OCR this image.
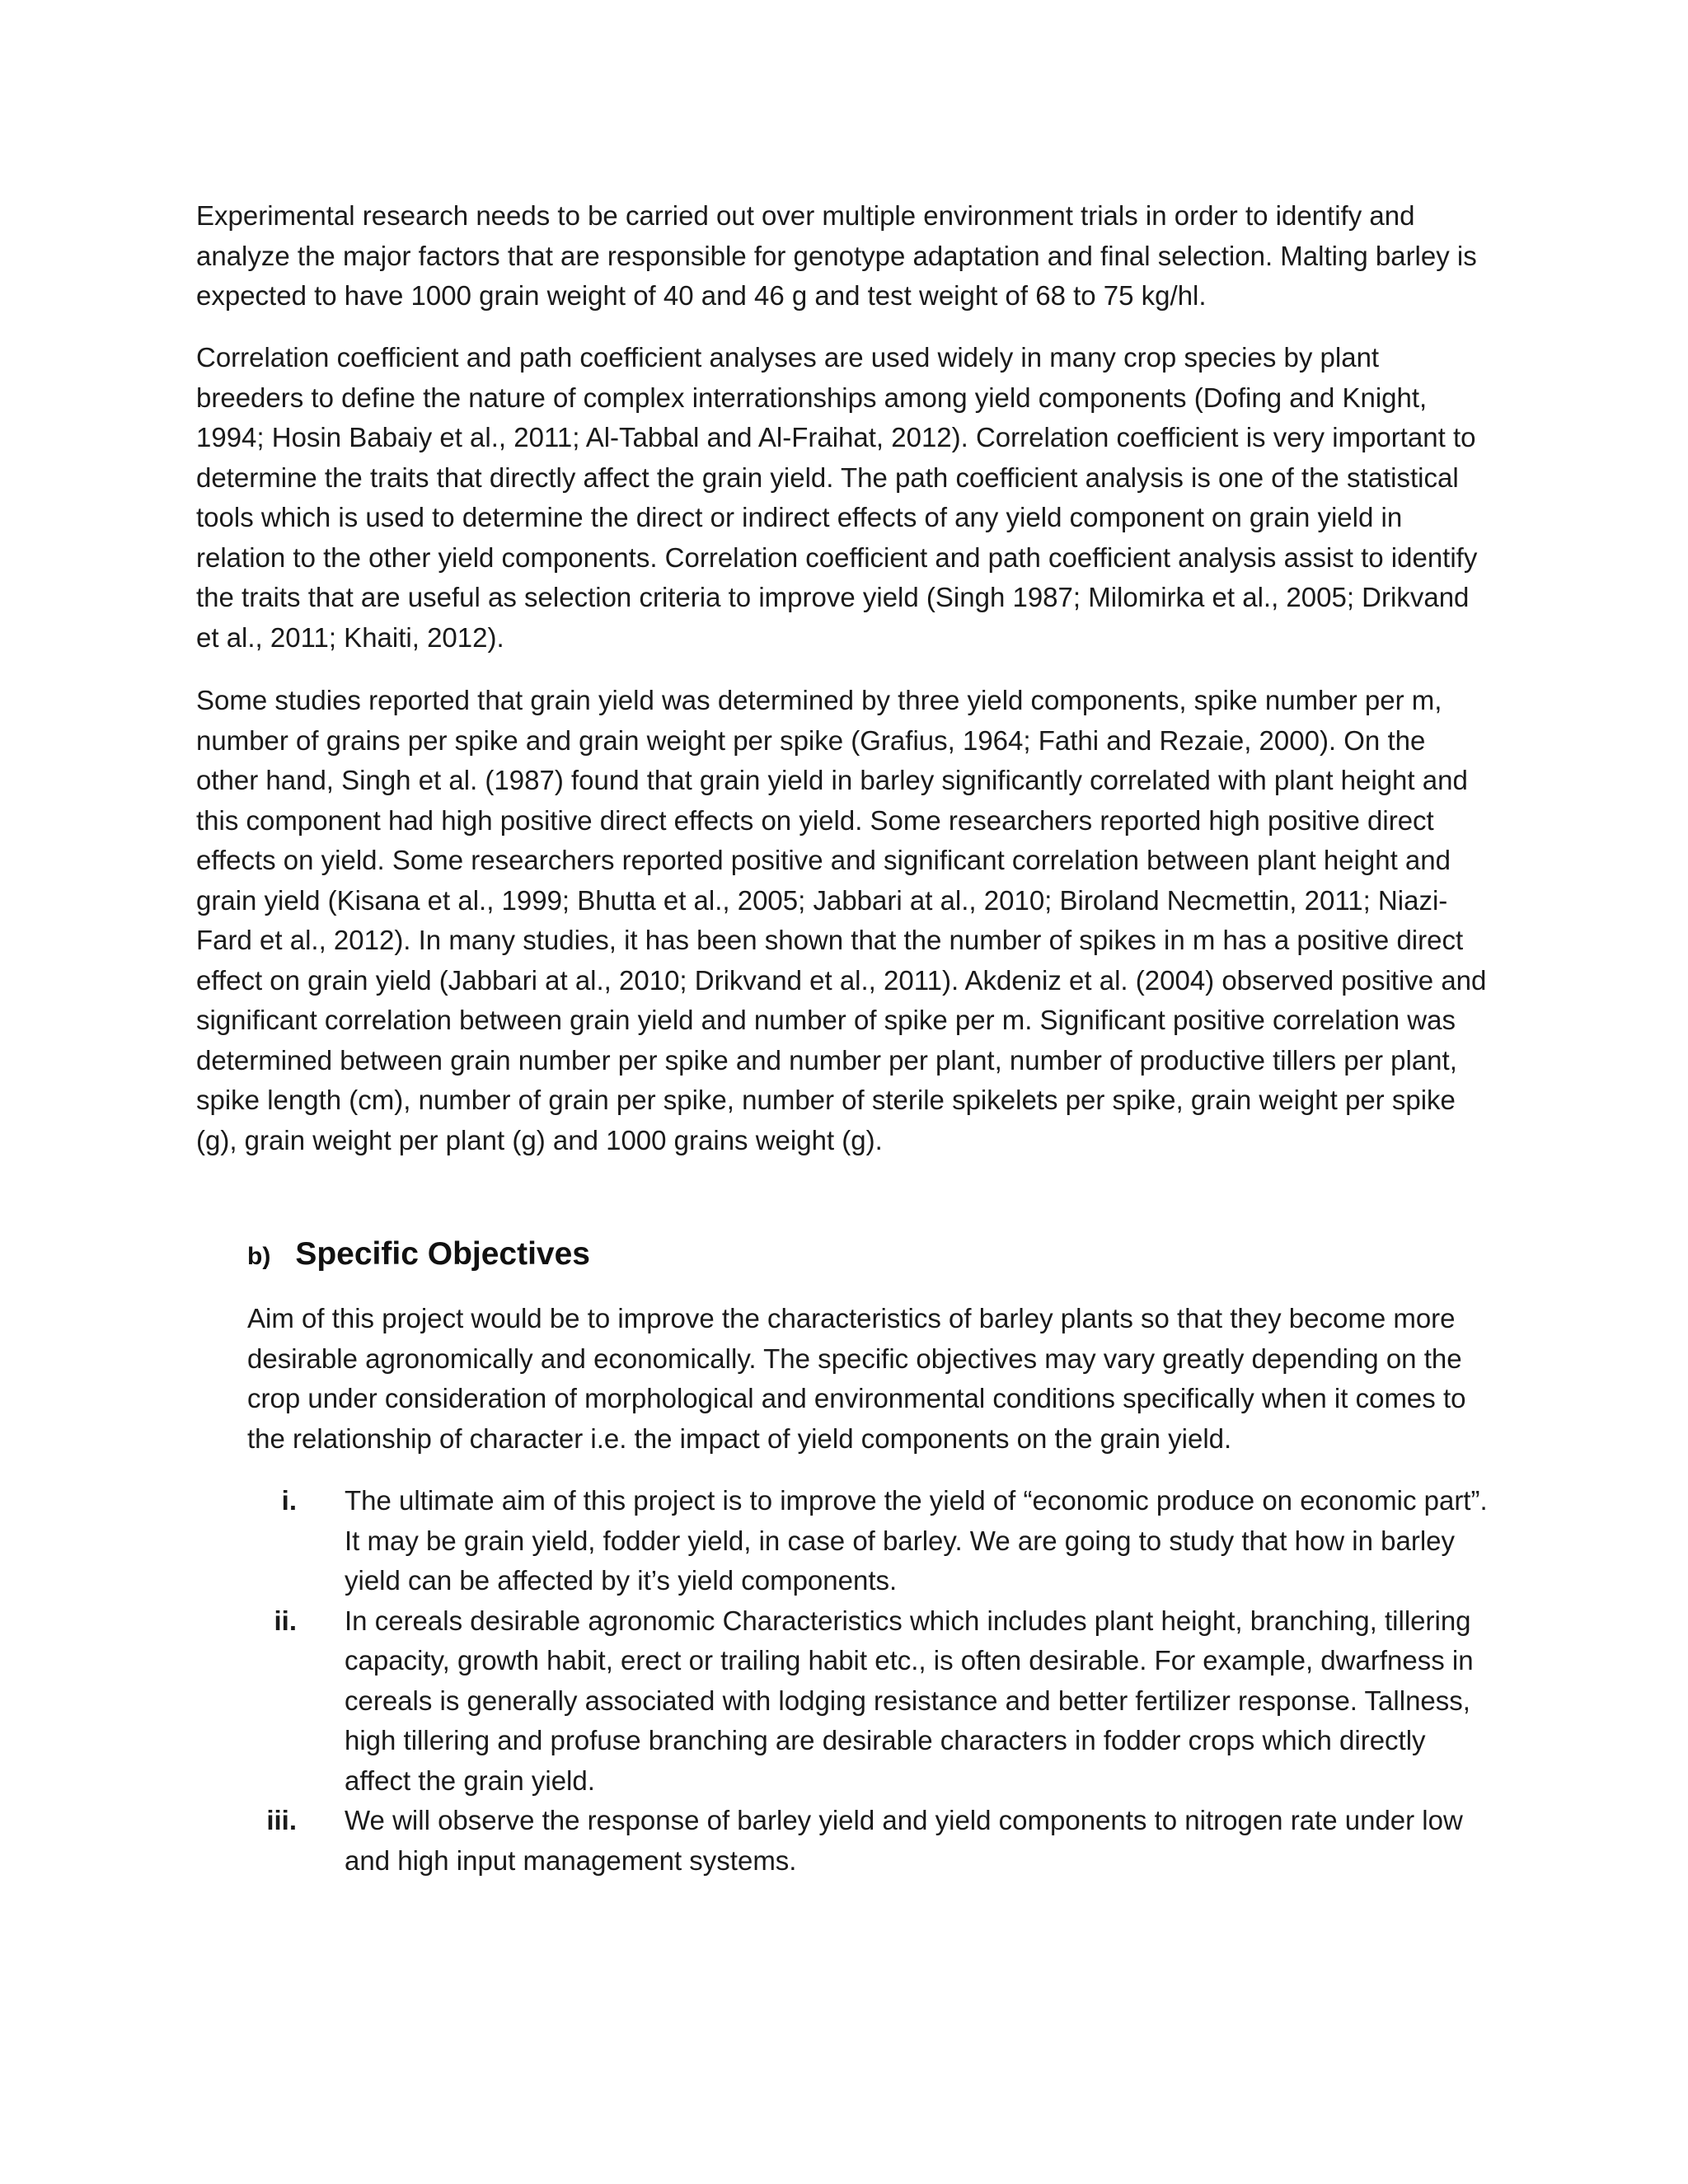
Experimental research needs to be carried out over multiple environment trials in order to identify and analyze the major factors that are responsible for genotype adaptation and final selection. Malting barley is expected to have 1000 grain weight of 40 and 46 g and test weight of 68 to 75 kg/hl.

Correlation coefficient and path coefficient analyses are used widely in many crop species by plant breeders to define the nature of complex interrationships among yield components (Dofing and Knight, 1994; Hosin Babaiy et al., 2011; Al-Tabbal and Al-Fraihat, 2012). Correlation coefficient is very important to determine the traits that directly affect the grain yield. The path coefficient analysis is one of the statistical tools which is used to determine the direct or indirect effects of any yield component on grain yield in relation to the other yield components. Correlation coefficient and path coefficient analysis assist to identify the traits that are useful as selection criteria to improve yield (Singh 1987; Milomirka et al., 2005; Drikvand et al., 2011; Khaiti, 2012).

Some studies reported that grain yield was determined by three yield components, spike number per m, number of grains per spike and grain weight per spike (Grafius, 1964; Fathi and Rezaie, 2000). On the other hand, Singh et al. (1987) found that grain yield in barley significantly correlated with plant height and this component had high positive direct effects on yield. Some researchers reported high positive direct effects on yield. Some researchers reported positive and significant correlation between plant height and grain yield (Kisana et al., 1999; Bhutta et al., 2005; Jabbari at al., 2010; Biroland Necmettin, 2011; Niazi-Fard et al., 2012). In many studies, it has been shown that the number of spikes in m has a positive direct effect on grain yield (Jabbari at al., 2010; Drikvand et al., 2011). Akdeniz et al. (2004) observed positive and significant correlation between grain yield and number of spike per m. Significant positive correlation was determined between grain number per spike and number per plant, number of productive tillers per plant, spike length (cm), number of grain per spike, number of sterile spikelets per spike, grain weight per spike (g), grain weight per plant (g) and 1000 grains weight (g).

b) Specific Objectives

Aim of this project would be to improve the characteristics of barley plants so that they become more desirable agronomically and economically. The specific objectives may vary greatly depending on the crop under consideration of morphological and environmental conditions specifically when it comes to the relationship of character i.e. the impact of yield components on the grain yield.

i.	The ultimate aim of this project is to improve the yield of “economic produce on economic part”. It may be grain yield, fodder yield, in case of barley. We are going to study that how in barley yield can be affected by it’s yield components.
ii.	In cereals desirable agronomic Characteristics which includes plant height, branching, tillering capacity, growth habit, erect or trailing habit etc., is often desirable. For example, dwarfness in cereals is generally associated with lodging resistance and better fertilizer response. Tallness, high tillering and profuse branching are desirable characters in fodder crops which directly affect the grain yield.
iii.	We will observe the response of barley yield and yield components to nitrogen rate under low and high input management systems.
